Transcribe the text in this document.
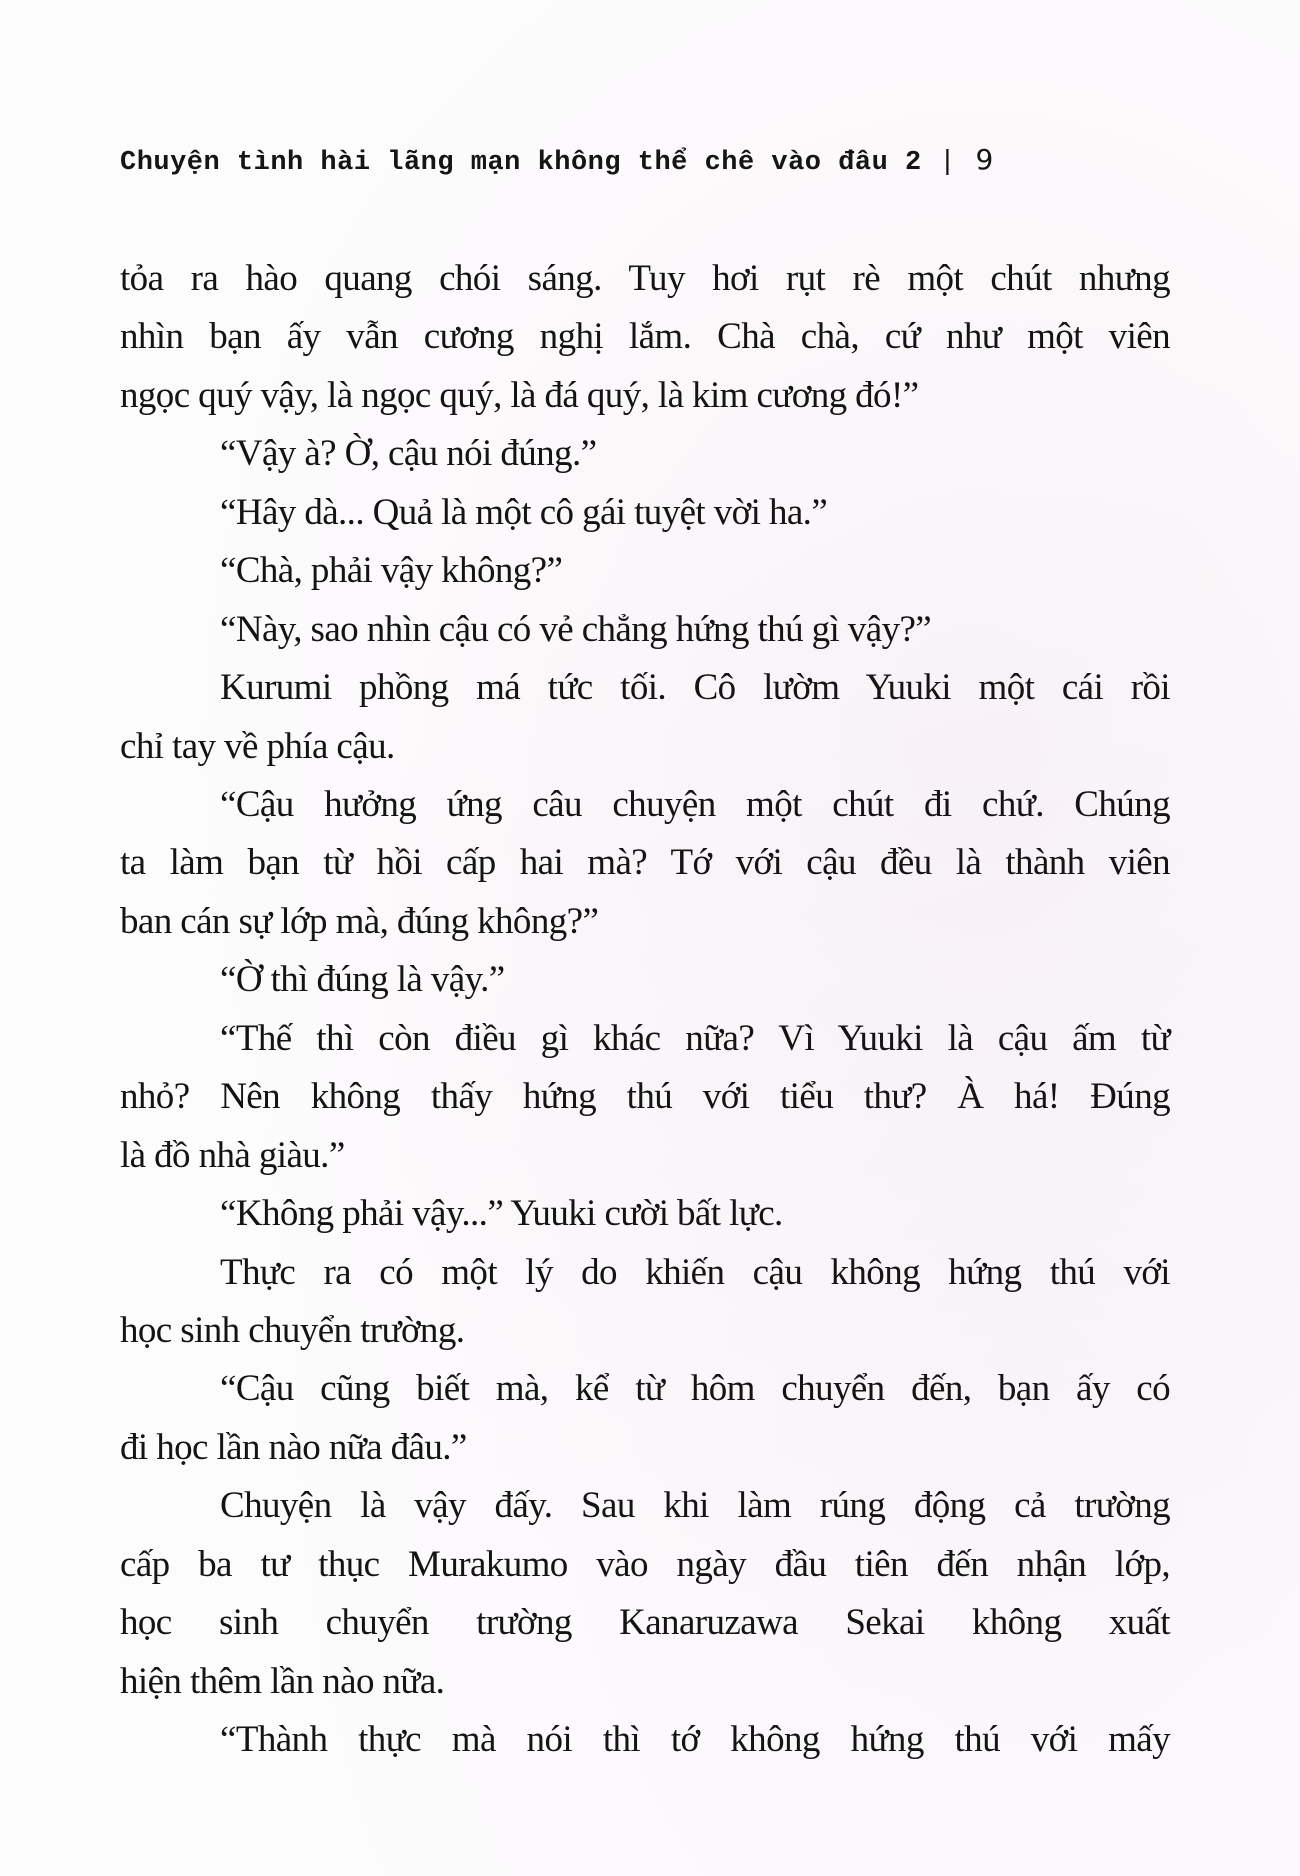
Chuyện tình hài lãng mạn không thể chê vào đâu 2 | 9
tỏa ra hào quang chói sáng. Tuy hơi rụt rè một chút nhưng
nhìn bạn ấy vẫn cương nghị lắm. Chà chà, cứ như một viên
ngọc quý vậy, là ngọc quý, là đá quý, là kim cương đó!”
“Vậy à? Ờ, cậu nói đúng.”
“Hây dà... Quả là một cô gái tuyệt vời ha.”
“Chà, phải vậy không?”
“Này, sao nhìn cậu có vẻ chẳng hứng thú gì vậy?”
Kurumi phồng má tức tối. Cô lườm Yuuki một cái rồi
chỉ tay về phía cậu.
“Cậu hưởng ứng câu chuyện một chút đi chứ. Chúng
ta làm bạn từ hồi cấp hai mà? Tớ với cậu đều là thành viên
ban cán sự lớp mà, đúng không?”
“Ờ thì đúng là vậy.”
“Thế thì còn điều gì khác nữa? Vì Yuuki là cậu ấm từ
nhỏ? Nên không thấy hứng thú với tiểu thư? À há! Đúng
là đồ nhà giàu.”
“Không phải vậy...” Yuuki cười bất lực.
Thực ra có một lý do khiến cậu không hứng thú với
học sinh chuyển trường.
“Cậu cũng biết mà, kể từ hôm chuyển đến, bạn ấy có
đi học lần nào nữa đâu.”
Chuyện là vậy đấy. Sau khi làm rúng động cả trường
cấp ba tư thục Murakumo vào ngày đầu tiên đến nhận lớp,
học sinh chuyển trường Kanaruzawa Sekai không xuất
hiện thêm lần nào nữa.
“Thành thực mà nói thì tớ không hứng thú với mấy
